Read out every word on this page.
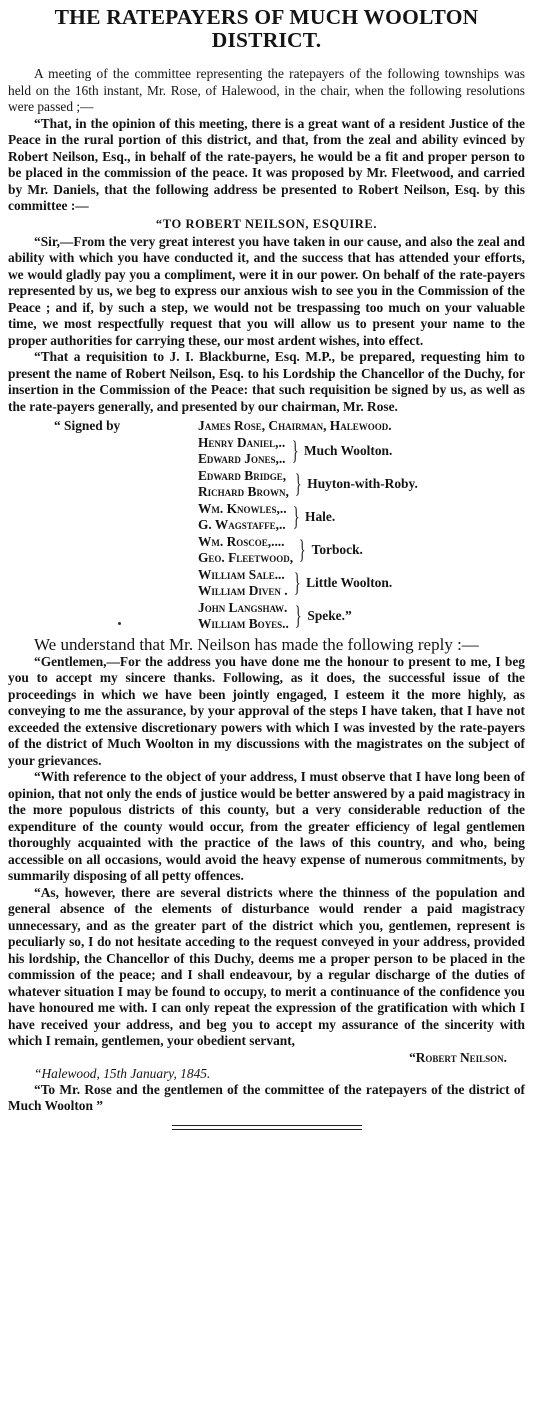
THE RATEPAYERS OF MUCH WOOLTON DISTRICT.

A meeting of the committee representing the ratepayers of the following townships was held on the 16th instant, Mr. Rose, of Halewood, in the chair, when the following resolutions were passed ;—

“That, in the opinion of this meeting, there is a great want of a resident Justice of the Peace in the rural portion of this district, and that, from the zeal and ability evinced by Robert Neilson, Esq., in behalf of the rate-payers, he would be a fit and proper person to be placed in the commission of the peace. It was proposed by Mr. Fleetwood, and carried by Mr. Daniels, that the following address be presented to Robert Neilson, Esq. by this committee :—

“TO ROBERT NEILSON, ESQUIRE.

“Sir,—From the very great interest you have taken in our cause, and also the zeal and ability with which you have conducted it, and the success that has attended your efforts, we would gladly pay you a compliment, were it in our power. On behalf of the rate-payers represented by us, we beg to express our anxious wish to see you in the Commission of the Peace ; and if, by such a step, we would not be trespassing too much on your valuable time, we most respectfully request that you will allow us to present your name to the proper authorities for carrying these, our most ardent wishes, into effect.

“That a requisition to J. I. Blackburne, Esq. M.P., be prepared, requesting him to present the name of Robert Neilson, Esq. to his Lordship the Chancellor of the Duchy, for insertion in the Commission of the Peace: that such requisition be signed by us, as well as the rate-payers generally, and presented by our chairman, Mr. Rose.

“ Signed by	James Rose, Chairman, Halewood.
Henry Daniel,..
Edward Jones,.. } Much Woolton.
Edward Bridge,
Richard Brown, } Huyton-with-Roby.
Wm. Knowles,..
G. Wagstaffe,.. } Hale.
Wm. Roscoe,....
Geo. Fleetwood, } Torbock.
William Sale...
William Diven . } Little Woolton.
John Langshaw.
William Boyes.. } Speke.”

We understand that Mr. Neilson has made the following reply :—

“Gentlemen,—For the address you have done me the honour to present to me, I beg you to accept my sincere thanks. Following, as it does, the successful issue of the proceedings in which we have been jointly engaged, I esteem it the more highly, as conveying to me the assurance, by your approval of the steps I have taken, that I have not exceeded the extensive discretionary powers with which I was invested by the rate-payers of the district of Much Woolton in my discussions with the magistrates on the subject of your grievances.

“With reference to the object of your address, I must observe that I have long been of opinion, that not only the ends of justice would be better answered by a paid magistracy in the more populous districts of this county, but a very considerable reduction of the expenditure of the county would occur, from the greater efficiency of legal gentlemen thoroughly acquainted with the practice of the laws of this country, and who, being accessible on all occasions, would avoid the heavy expense of numerous commitments, by summarily disposing of all petty offences.

“As, however, there are several districts where the thinness of the population and general absence of the elements of disturbance would render a paid magistracy unnecessary, and as the greater part of the district which you, gentlemen, represent is peculiarly so, I do not hesitate acceding to the request conveyed in your address, provided his lordship, the Chancellor of this Duchy, deems me a proper person to be placed in the commission of the peace; and I shall endeavour, by a regular discharge of the duties of whatever situation I may be found to occupy, to merit a continuance of the confidence you have honoured me with. I can only repeat the expression of the gratification with which I have received your address, and beg you to accept my assurance of the sincerity with which I remain, gentlemen, your obedient servant,

“Robert Neilson.
“Halewood, 15th January, 1845.

“To Mr. Rose and the gentlemen of the committee of the ratepayers of the district of Much Woolton ”
